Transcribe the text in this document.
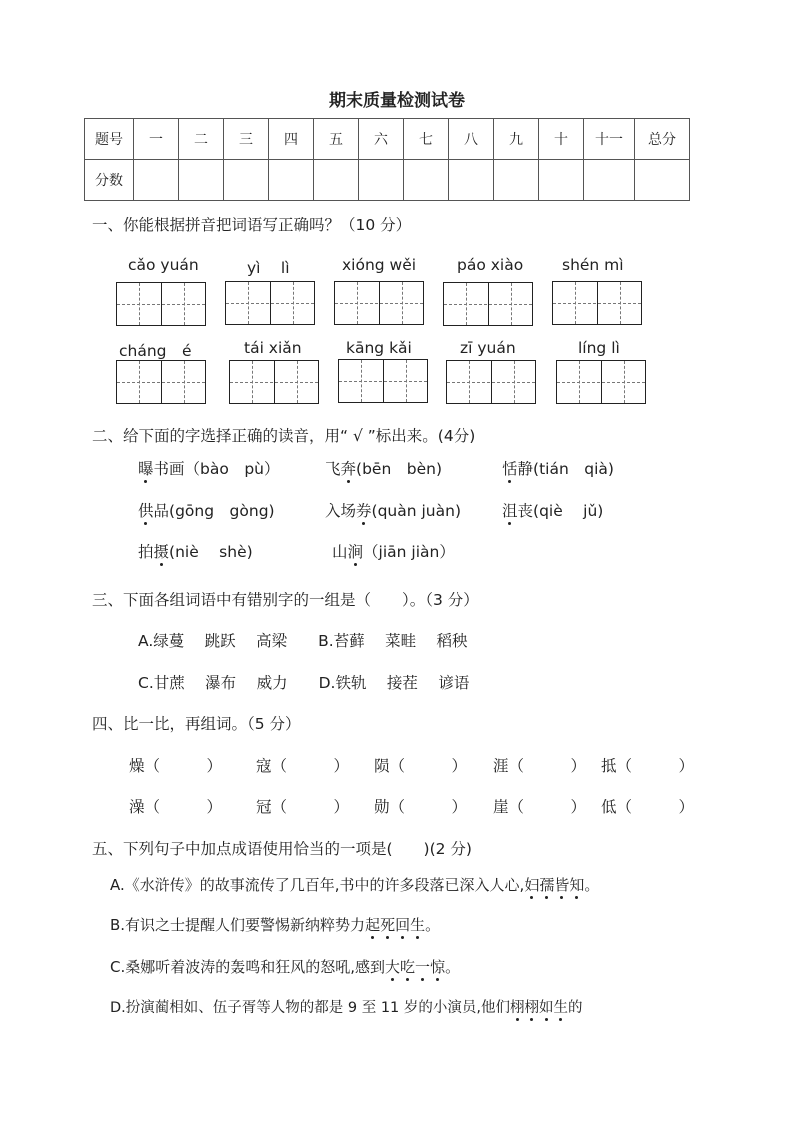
期末质量检测试卷
题号	一	二	三	四	五	六	七	八	九	十	十一	总分
分数												
一、你能根据拼音把词语写正确吗？（10 分）
cǎo yuán	yì　 lì	xióng wěi	páo xiào	shén mì
cháng　é	tái xiǎn	kāng kǎi	zī yuán	líng lì
二、给下面的字选择正确的读音，用“ √ ”标出来。(4分)
曝书画（bào　pù）	飞奔(bēn　bèn)	恬静(tián　qià)
供品(gōng　gòng)	入场券(quàn juàn)	沮丧(qiè　 jǔ)
拍摄(niè　 shè)	山涧（jiān jiàn）
三、下面各组词语中有错别字的一组是（　　）。（3 分）
A.绿蔓　 跳跃　 高梁　　B.苔藓　 菜畦　 稻秧
C.甘蔗　 瀑布　 威力　　D.铁轨　 接茬　 谚语
四、比一比，再组词。（5 分）
燥（　　　） 寇（　　　） 陨（　　　） 涯（　　　） 抵（　　　）
澡（　　　） 冠（　　　） 勋（　　　） 崖（　　　） 低（　　　）
五、下列句子中加点成语使用恰当的一项是(　　)(2 分)
A.《水浒传》的故事流传了几百年,书中的许多段落已深入人心,妇孺皆知。
B.有识之士提醒人们要警惕新纳粹势力起死回生。
C.桑娜听着波涛的轰鸣和狂风的怒吼,感到大吃一惊。
D.扮演蔺相如、伍子胥等人物的都是 9 至 11 岁的小演员,他们栩栩如生的
